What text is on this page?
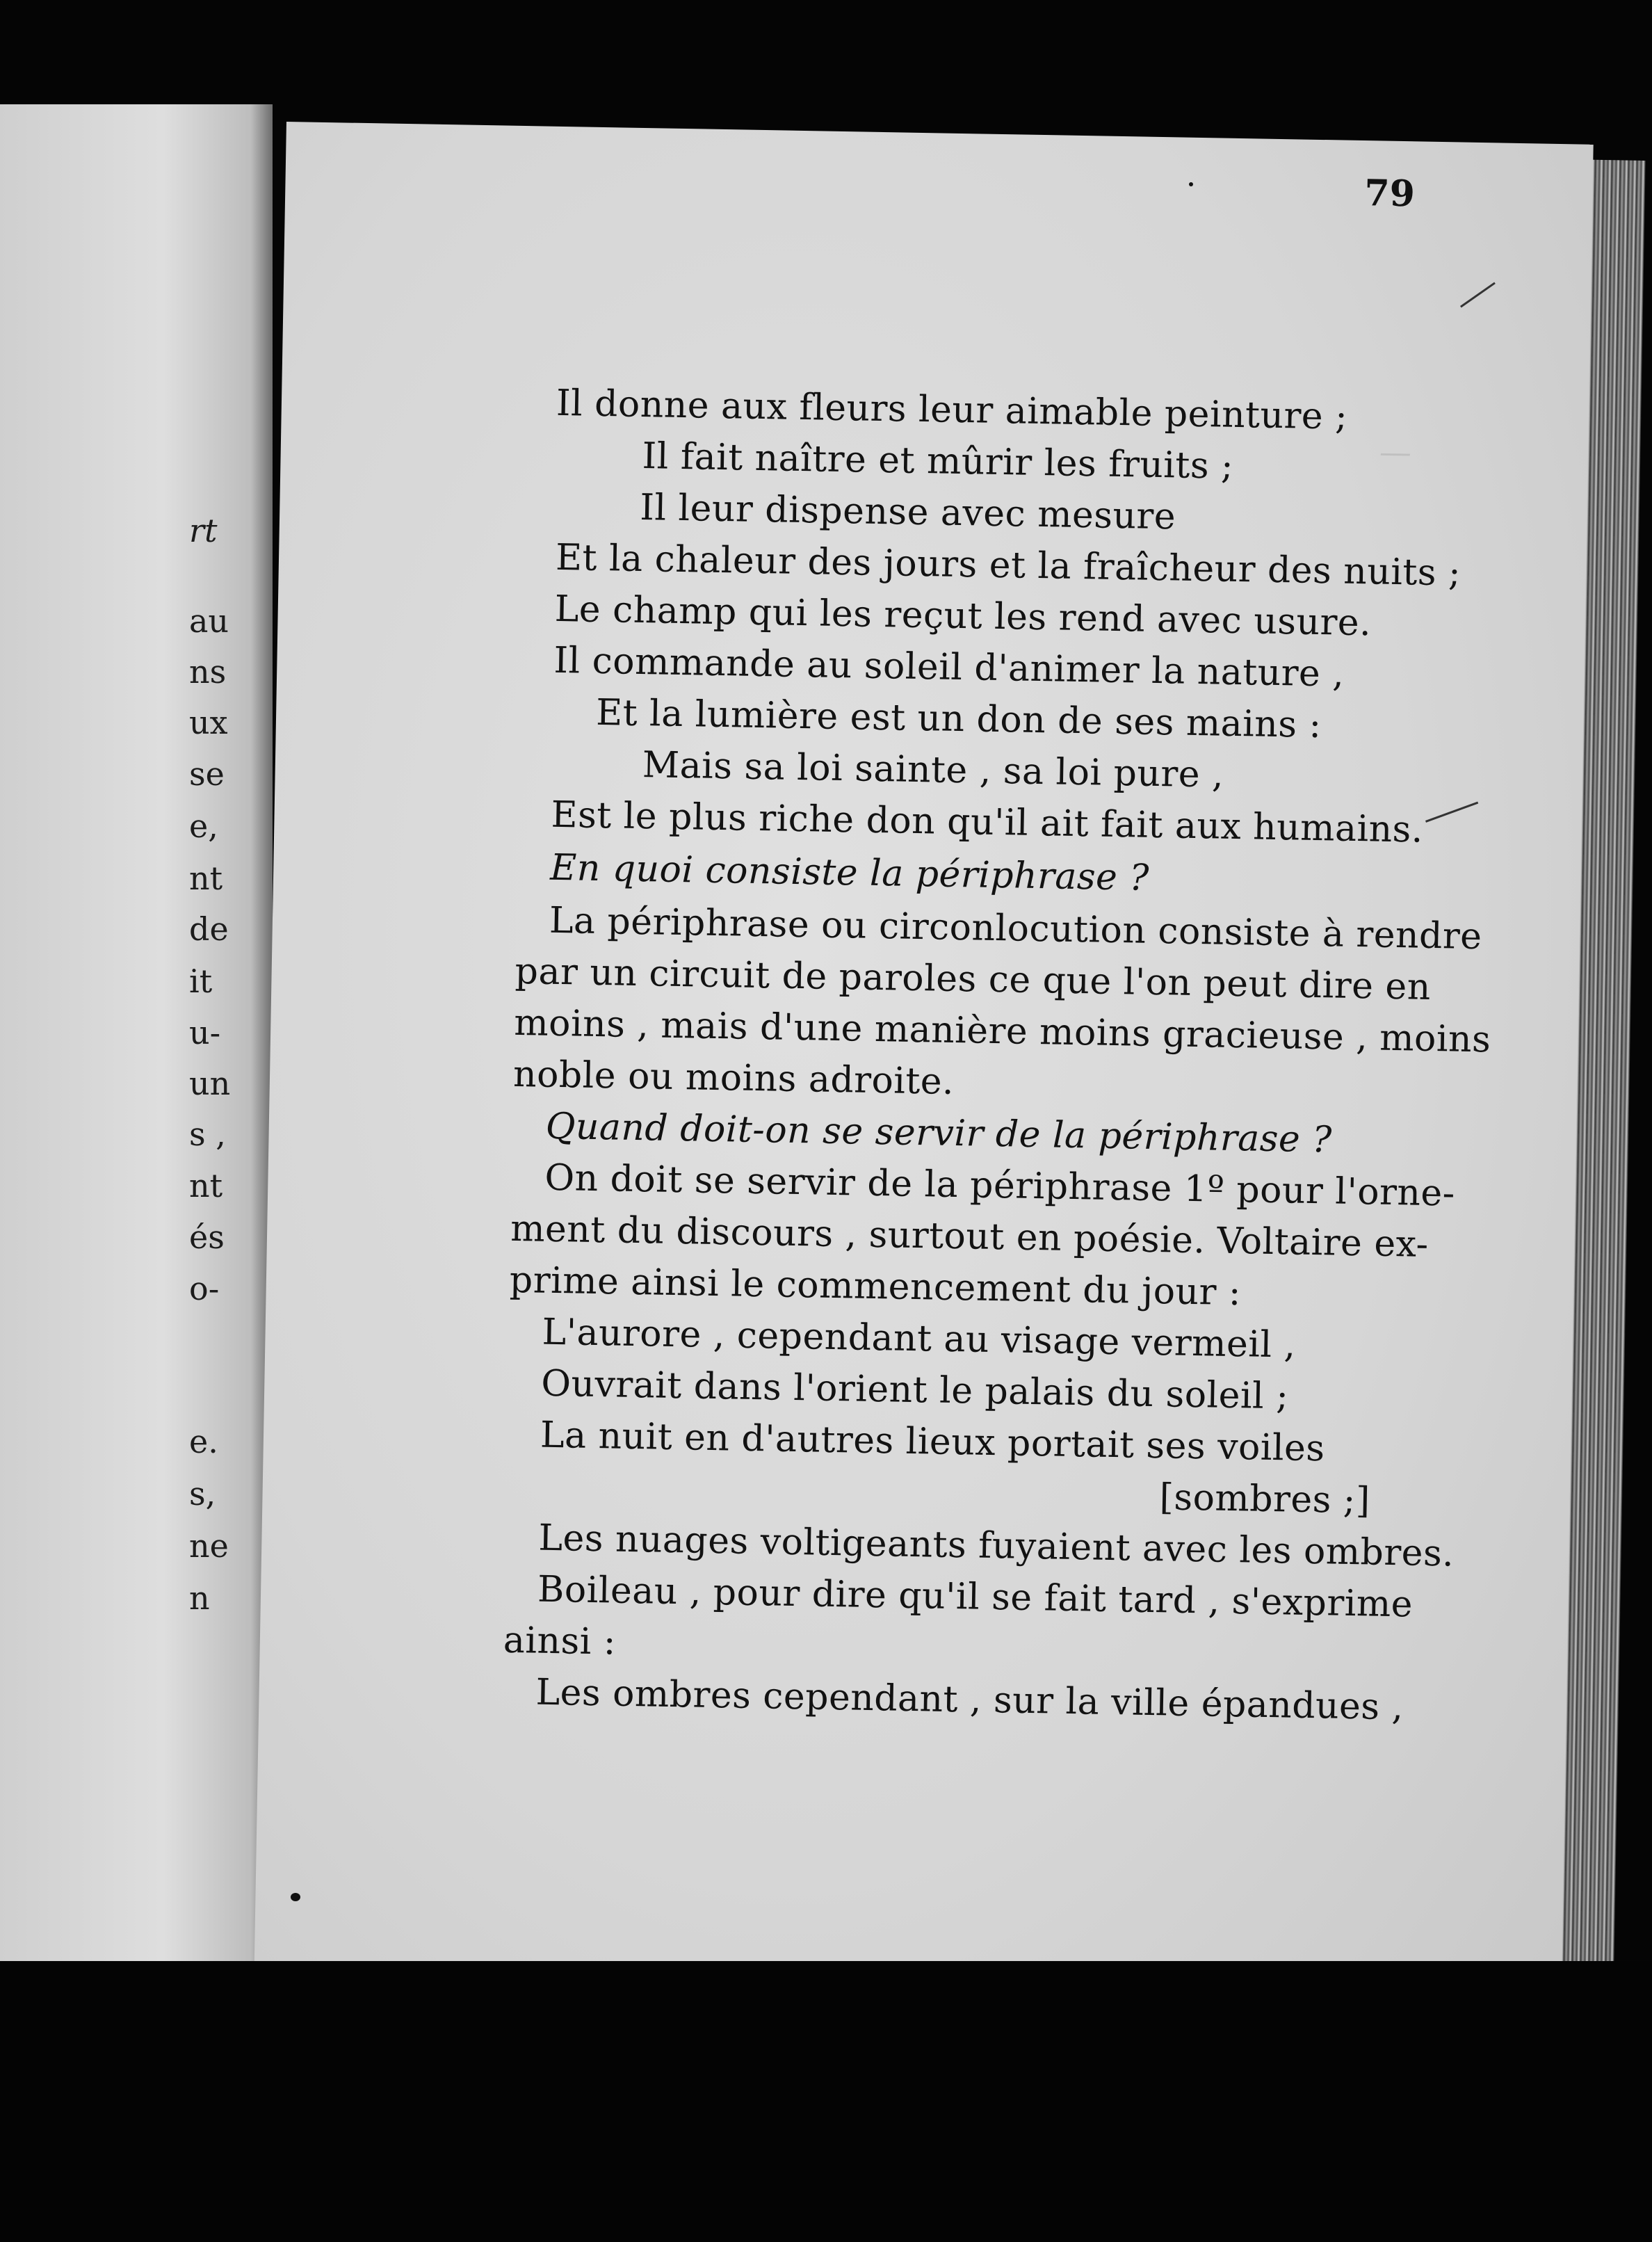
rt
au
ns
ux
se
e,
nt
de
it
u-
un
s ,
nt
és
o-
e.
s,
ne
n
—
79
Il donne aux fleurs leur aimable peinture ;
Il fait naître et mûrir les fruits ;
Il leur dispense avec mesure
Et la chaleur des jours et la fraîcheur des nuits ;
Le champ qui les reçut les rend avec usure.
Il commande au soleil d'animer la nature ,
Et la lumière est un don de ses mains :
Mais sa loi sainte , sa loi pure ,
Est le plus riche don qu'il ait fait aux humains.
En quoi consiste la périphrase ?
La périphrase ou circonlocution consiste à rendre
par un circuit de paroles ce que l'on peut dire en
moins , mais d'une manière moins gracieuse , moins
noble ou moins adroite.
Quand doit-on se servir de la périphrase ?
On doit se servir de la périphrase 1º pour l'orne-
ment du discours , surtout en poésie. Voltaire ex-
prime ainsi le commencement du jour :
L'aurore , cependant au visage vermeil ,
Ouvrait dans l'orient le palais du soleil ;
La nuit en d'autres lieux portait ses voiles
[sombres ;]
Les nuages voltigeants fuyaient avec les ombres.
Boileau , pour dire qu'il se fait tard , s'exprime
ainsi :
Les ombres cependant , sur la ville épandues ,
